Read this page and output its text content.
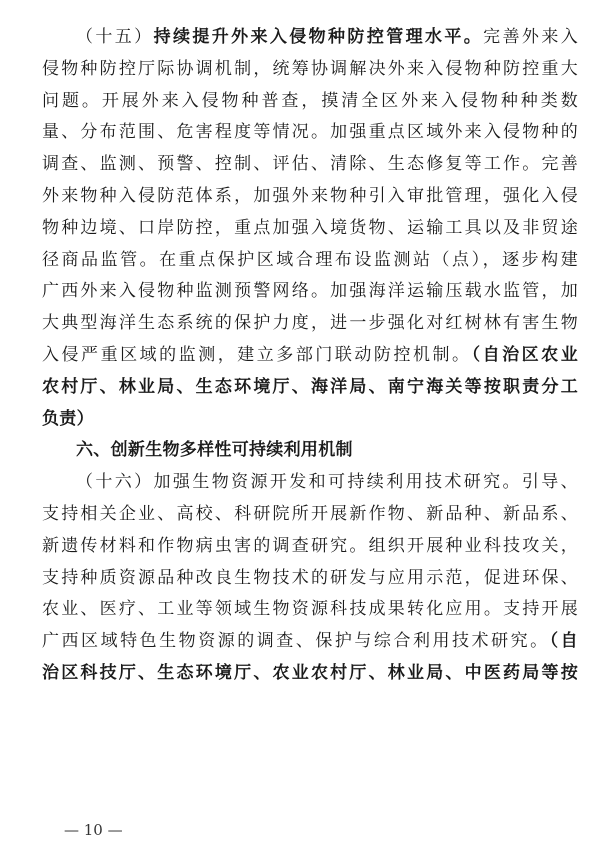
（十五）持续提升外来入侵物种防控管理水平。完善外来入
侵物种防控厅际协调机制，统筹协调解决外来入侵物种防控重大
问题。开展外来入侵物种普查，摸清全区外来入侵物种种类数
量、分布范围、危害程度等情况。加强重点区域外来入侵物种的
调查、监测、预警、控制、评估、清除、生态修复等工作。完善
外来物种入侵防范体系，加强外来物种引入审批管理，强化入侵
物种边境、口岸防控，重点加强入境货物、运输工具以及非贸途
径商品监管。在重点保护区域合理布设监测站（点），逐步构建
广西外来入侵物种监测预警网络。加强海洋运输压载水监管，加
大典型海洋生态系统的保护力度，进一步强化对红树林有害生物
入侵严重区域的监测，建立多部门联动防控机制。（自治区农业
农村厅、林业局、生态环境厅、海洋局、南宁海关等按职责分工
负责）
六、创新生物多样性可持续利用机制
（十六）加强生物资源开发和可持续利用技术研究。引导、
支持相关企业、高校、科研院所开展新作物、新品种、新品系、
新遗传材料和作物病虫害的调查研究。组织开展种业科技攻关，
支持种质资源品种改良生物技术的研发与应用示范，促进环保、
农业、医疗、工业等领域生物资源科技成果转化应用。支持开展
广西区域特色生物资源的调查、保护与综合利用技术研究。（自
治区科技厅、生态环境厅、农业农村厅、林业局、中医药局等按
— 10 —
